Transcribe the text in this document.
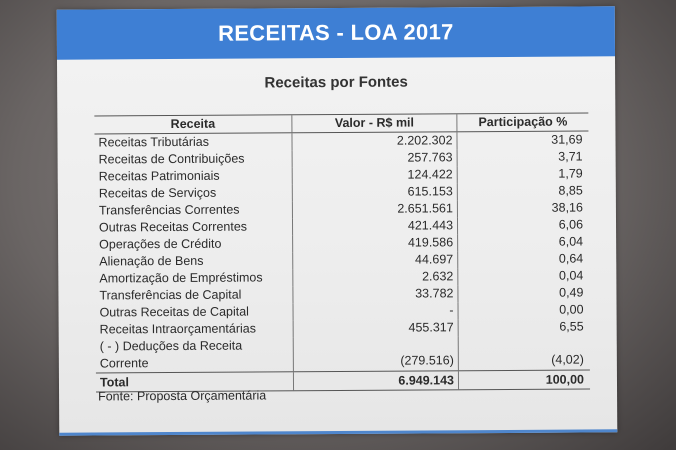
RECEITAS - LOA 2017
Receitas por Fontes
Receita	Valor - R$ mil	Participação %
Receitas Tributárias	2.202.302	31,69
Receitas de Contribuições	257.763	3,71
Receitas Patrimoniais	124.422	1,79
Receitas de Serviços	615.153	8,85
Transferências Correntes	2.651.561	38,16
Outras Receitas Correntes	421.443	6,06
Operações de Crédito	419.586	6,04
Alienação de Bens	44.697	0,64
Amortização de Empréstimos	2.632	0,04
Transferências de Capital	33.782	0,49
Outras Receitas de Capital	-	0,00
Receitas Intraorçamentárias	455.317	6,55
( - ) Deduções da Receita Corrente	(279.516)	(4,02)
Total	6.949.143	100,00
Fonte: Proposta Orçamentária
